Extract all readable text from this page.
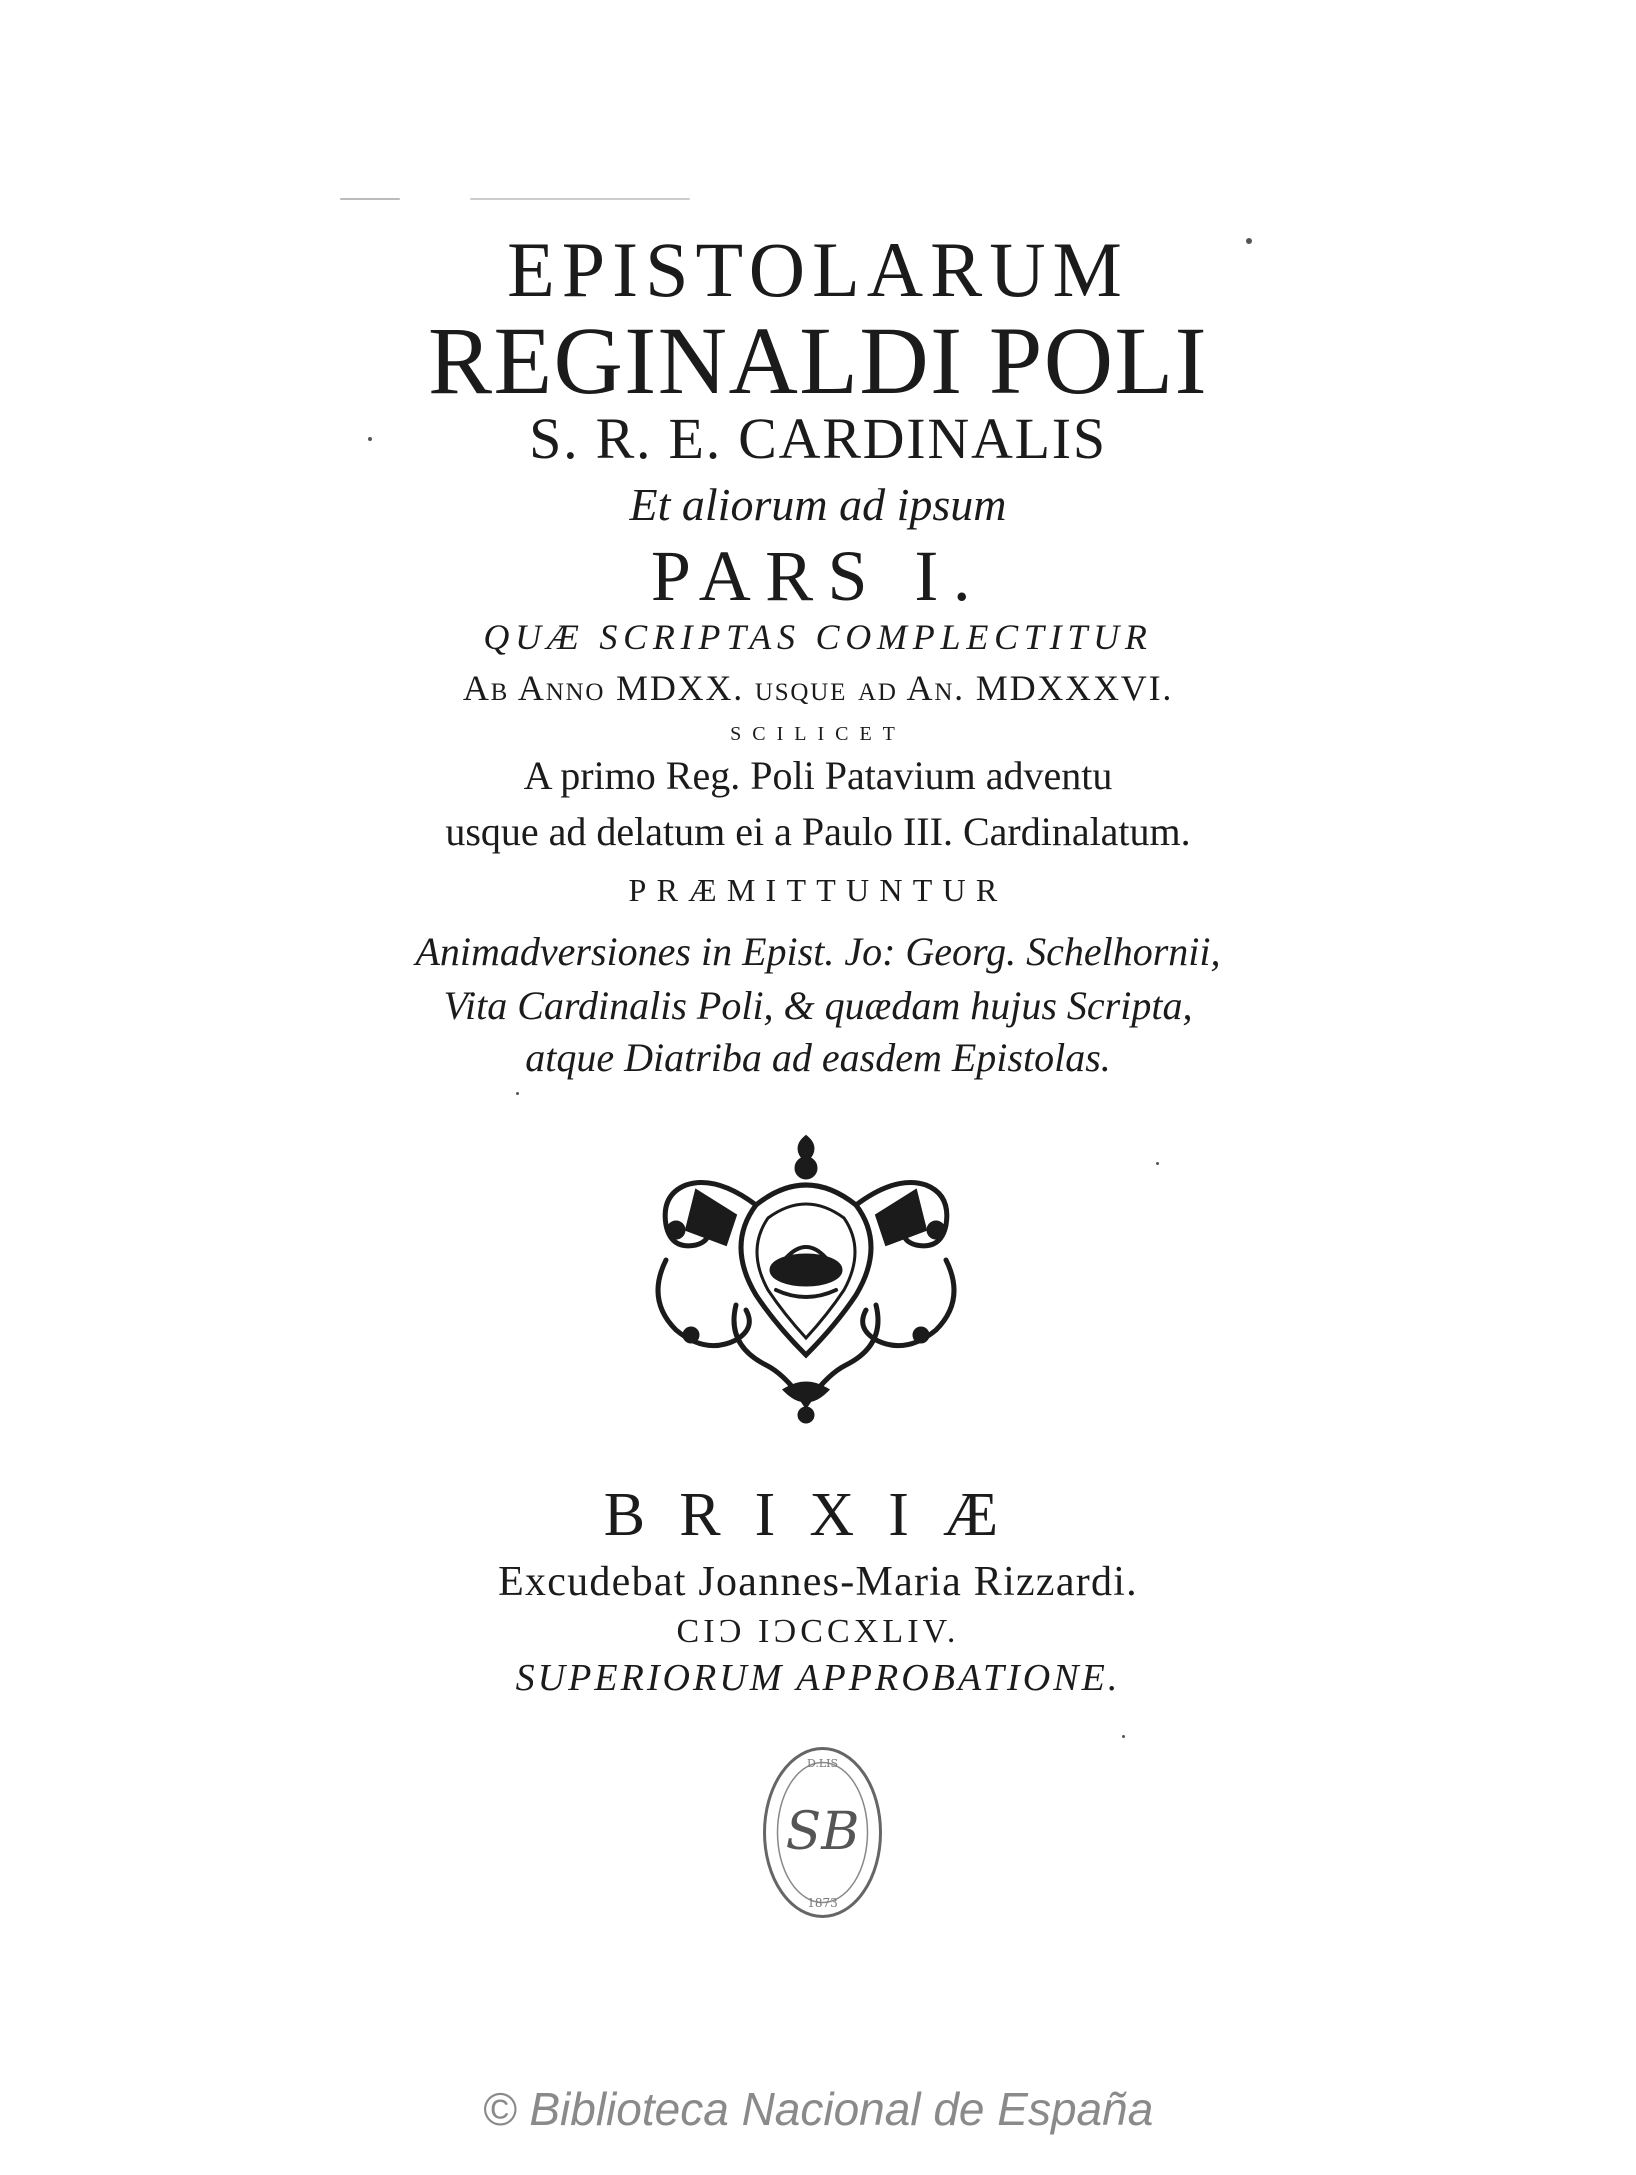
EPISTOLARUM
REGINALDI POLI
S. R. E. CARDINALIS
Et aliorum ad ipsum
PARS I.
QUÆ SCRIPTAS COMPLECTITUR
Ab Anno MDXX. usque ad An. MDXXXVI.
SCILICET
A primo Reg. Poli Patavium adventu
usque ad delatum ei a Paulo III. Cardinalatum.
PRÆMITTUNTUR
Animadversiones in Epist. Jo: Georg. Schelhornii,
Vita Cardinalis Poli, & quædam hujus Scripta,
atque Diatriba ad easdem Epistolas.
BRIXIÆ
Excudebat Joannes-Maria Rizzardi.
CIƆ IƆCCXLIV.
SUPERIORUM APPROBATIONE.
SB
D.LIS
1873
© Biblioteca Nacional de España
